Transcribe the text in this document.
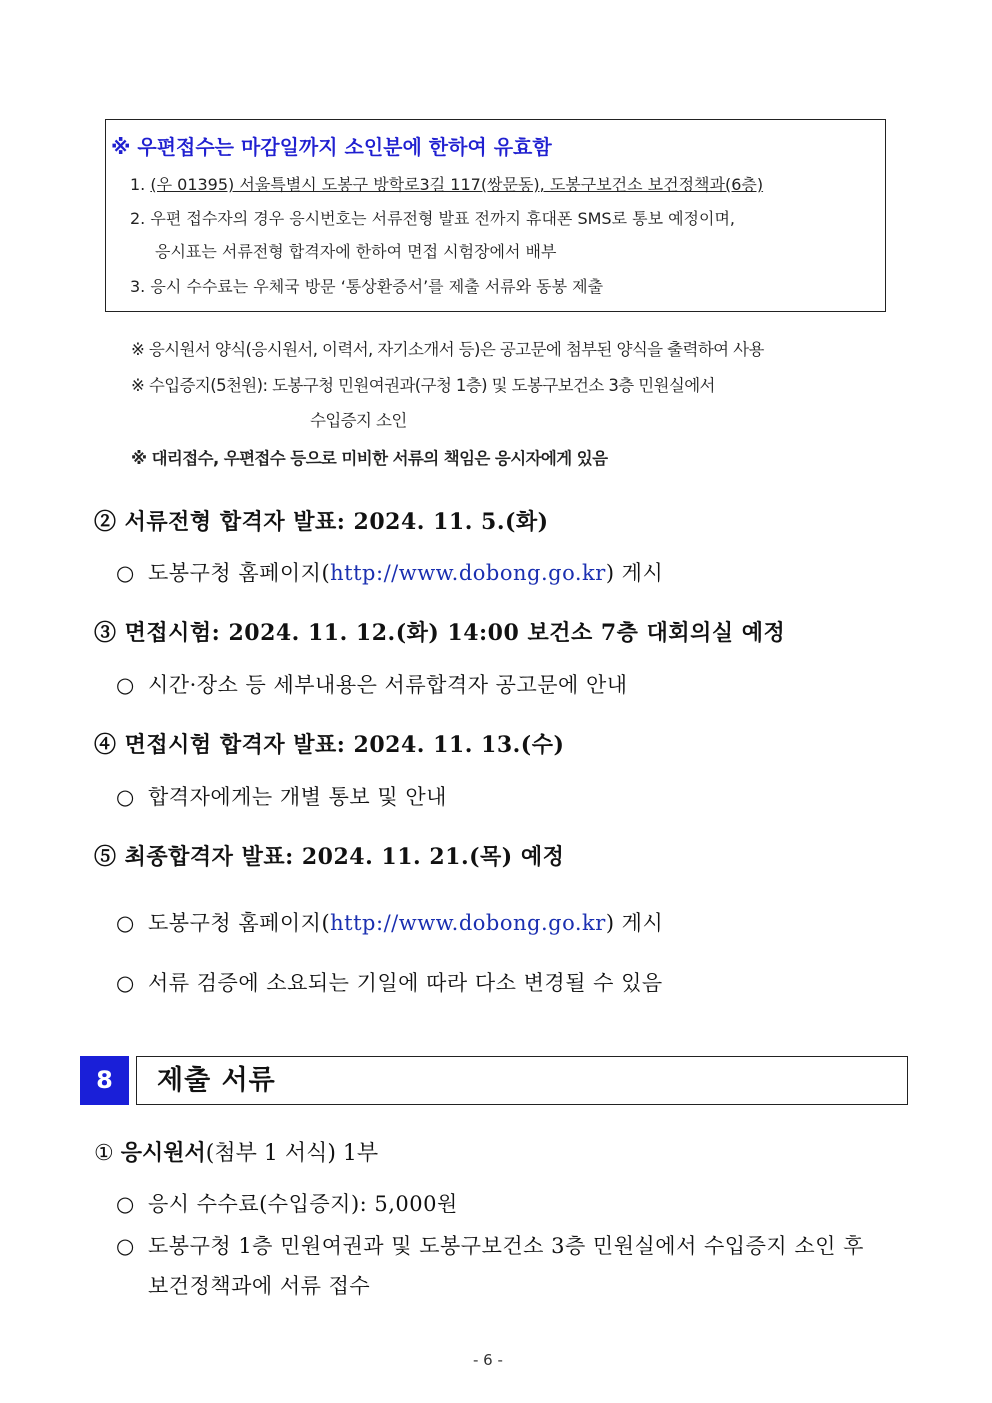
※ 우편접수는 마감일까지 소인분에 한하여 유효함
1. (우 01395) 서울특별시 도봉구 방학로3길 117(쌍문동), 도봉구보건소 보건정책과(6층)
2. 우편 접수자의 경우 응시번호는 서류전형 발표 전까지 휴대폰 SMS로 통보 예정이며,
응시표는 서류전형 합격자에 한하여 면접 시험장에서 배부
3. 응시 수수료는 우체국 방문 ‘통상환증서’를 제출 서류와 동봉 제출
※ 응시원서 양식(응시원서, 이력서, 자기소개서 등)은 공고문에 첨부된 양식을 출력하여 사용
※ 수입증지(5천원): 도봉구청 민원여권과(구청 1층) 및 도봉구보건소 3층 민원실에서
수입증지 소인
※ 대리접수, 우편접수 등으로 미비한 서류의 책임은 응시자에게 있음
② 서류전형 합격자 발표: 2024. 11. 5.(화)
○ 도봉구청 홈페이지(http://www.dobong.go.kr) 게시
③ 면접시험: 2024. 11. 12.(화) 14:00 보건소 7층 대회의실 예정
○ 시간·장소 등 세부내용은 서류합격자 공고문에 안내
④ 면접시험 합격자 발표: 2024. 11. 13.(수)
○ 합격자에게는 개별 통보 및 안내
⑤ 최종합격자 발표: 2024. 11. 21.(목) 예정
○ 도봉구청 홈페이지(http://www.dobong.go.kr) 게시
○ 서류 검증에 소요되는 기일에 따라 다소 변경될 수 있음
8	제출 서류
① 응시원서(첨부 1 서식) 1부
○ 응시 수수료(수입증지): 5,000원
○ 도봉구청 1층 민원여권과 및 도봉구보건소 3층 민원실에서 수입증지 소인 후
보건정책과에 서류 접수
- 6 -
